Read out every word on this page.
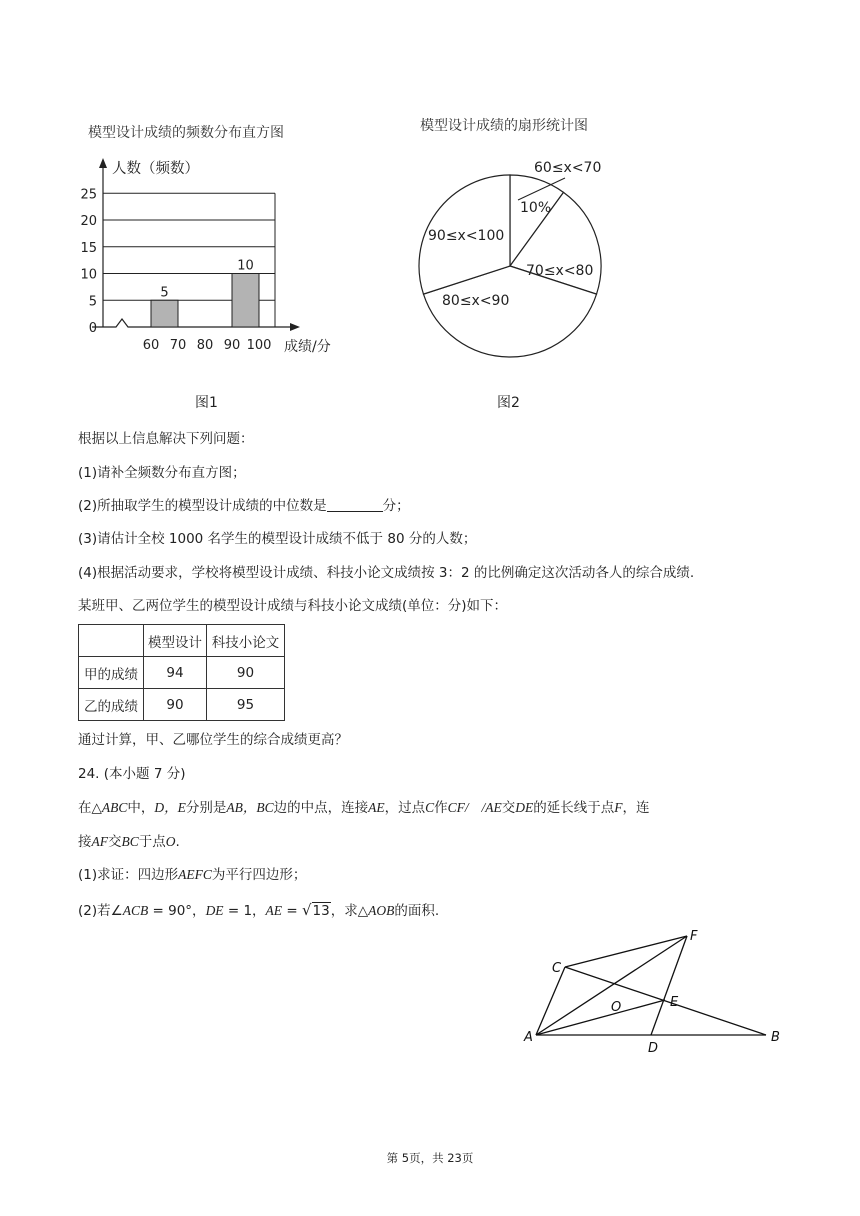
模型设计成绩的频数分布直方图
0
5
10
15
20
25
60 70 80 90 100
5
10
人数（频数）
成绩/分
图1
模型设计成绩的扇形统计图
60≤x<70
10%
70≤x<80
80≤x<90
90≤x<100
图2
根据以上信息解决下列问题：
(1)请补全频数分布直方图；
(2)所抽取学生的模型设计成绩的中位数是	分；
(3)请估计全校 1000 名学生的模型设计成绩不低于 80 分的人数；
(4)根据活动要求，学校将模型设计成绩、科技小论文成绩按 3：2 的比例确定这次活动各人的综合成绩.
某班甲、乙两位学生的模型设计成绩与科技小论文成绩(单位：分)如下：
	模型设计	科技小论文
甲的成绩	94	90
乙的成绩	90	95
通过计算，甲、乙哪位学生的综合成绩更高？
24. (本小题 7 分)
在△ABC中，D，E分别是AB，BC边的中点，连接AE，过点C作CF/ /AE交DE的延长线于点F，连
接AF交BC于点O.
(1)求证：四边形AEFC为平行四边形；
(2)若∠ACB = 90°，DE = 1，AE = √13，求△AOB的面积.
A	B
C
D
E
F
O
第 5页，共 23页
